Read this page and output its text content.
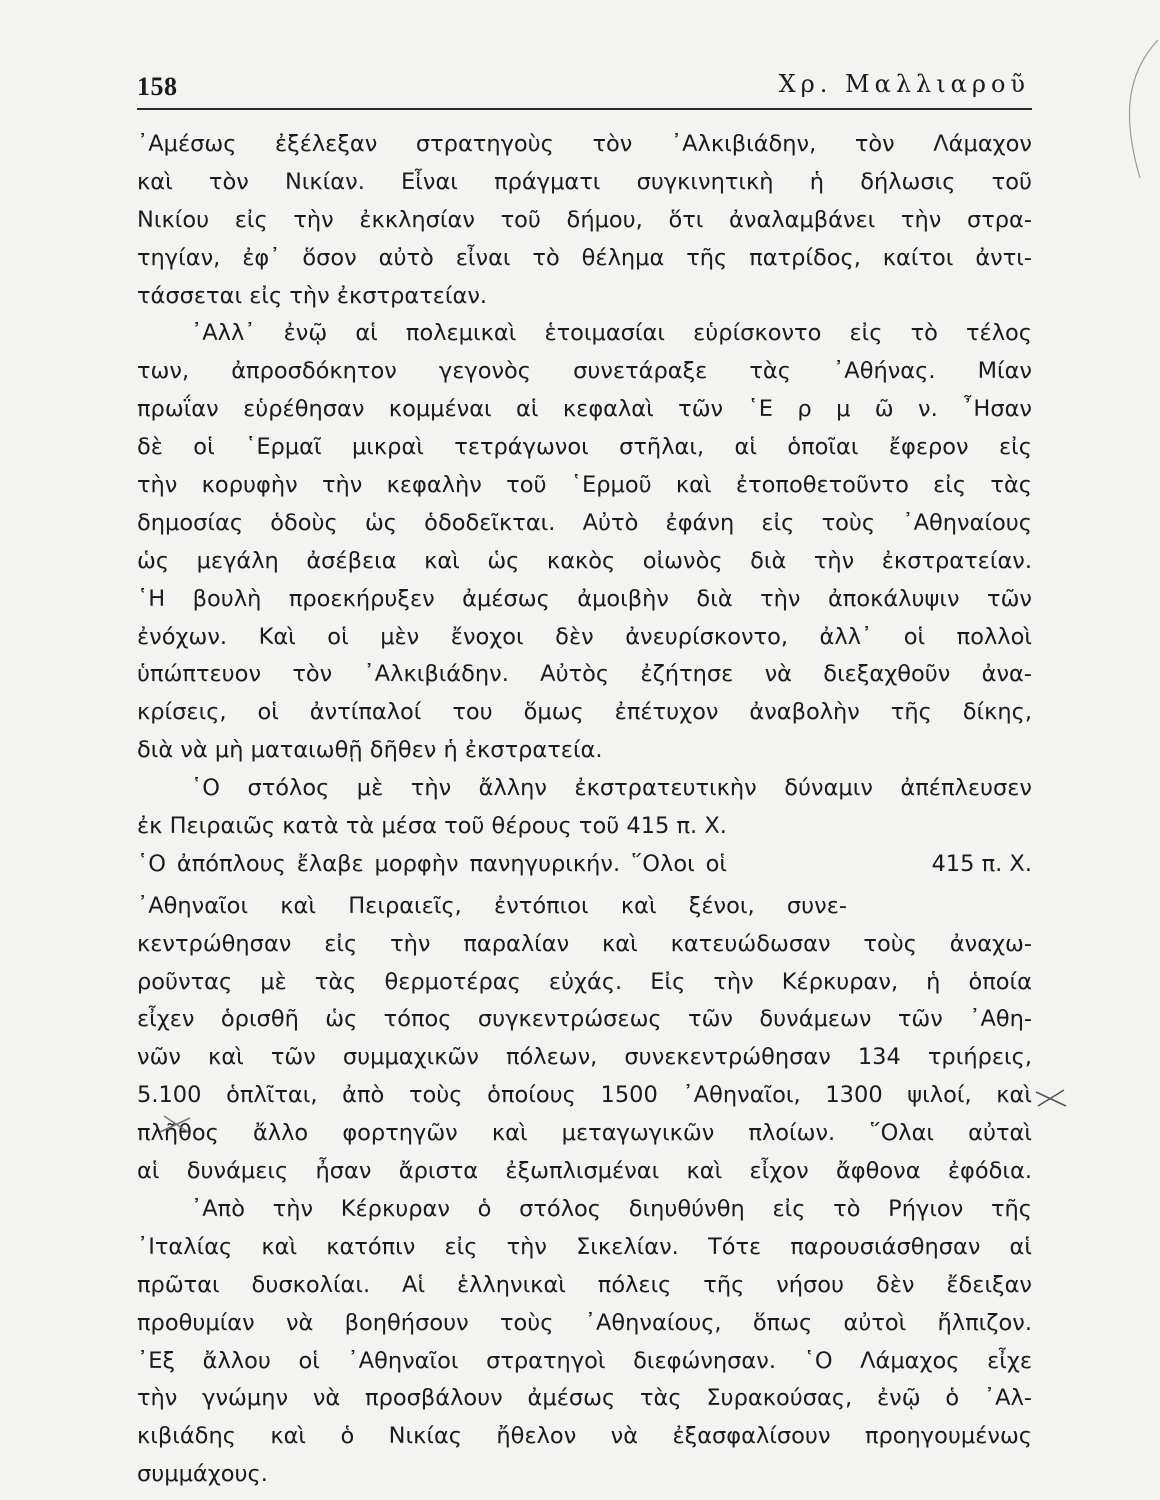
158	Χρ. Μαλλιαροῦ
᾿Αμέσως ἐξέλεξαν στρατηγοὺς τὸν ᾿Αλκιβιάδην, τὸν Λάμαχον
καὶ τὸν Νικίαν. Εἶναι πράγματι συγκινητικὴ ἡ δήλωσις τοῦ
Νικίου εἰς τὴν ἐκκλησίαν τοῦ δήμου, ὅτι ἀναλαμβάνει τὴν στρα-
τηγίαν, ἐφ᾿ ὅσον αὐτὸ εἶναι τὸ θέλημα τῆς πατρίδος, καίτοι ἀντι-
τάσσεται εἰς τὴν ἐκστρατείαν.
᾿Αλλ᾿ ἐνῷ αἱ πολεμικαὶ ἑτοιμασίαι εὑρίσκοντο εἰς τὸ τέλος
των, ἀπροσδόκητον γεγονὸς συνετάραξε τὰς ᾿Αθήνας. Μίαν
πρωΐαν εὑρέθησαν κομμέναι αἱ κεφαλαὶ τῶν ῾Ε ρ μ ῶ ν. ῏Ησαν
δὲ οἱ ῾Ερμαῖ μικραὶ τετράγωνοι στῆλαι, αἱ ὁποῖαι ἔφερον εἰς
τὴν κορυφὴν τὴν κεφαλὴν τοῦ ῾Ερμοῦ καὶ ἐτοποθετοῦντο εἰς τὰς
δημοσίας ὁδοὺς ὡς ὁδοδεῖκται. Αὐτὸ ἐφάνη εἰς τοὺς ᾿Αθηναίους
ὡς μεγάλη ἀσέβεια καὶ ὡς κακὸς οἰωνὸς διὰ τὴν ἐκστρατείαν.
῾Η βουλὴ προεκήρυξεν ἀμέσως ἀμοιβὴν διὰ τὴν ἀποκάλυψιν τῶν
ἐνόχων. Καὶ οἱ μὲν ἔνοχοι δὲν ἀνευρίσκοντο, ἀλλ᾿ οἱ πολλοὶ
ὑπώπτευον τὸν ᾿Αλκιβιάδην. Αὐτὸς ἐζήτησε νὰ διεξαχθοῦν ἀνα-
κρίσεις, οἱ ἀντίπαλοί του ὅμως ἐπέτυχον ἀναβολὴν τῆς δίκης,
διὰ νὰ μὴ ματαιωθῇ δῆθεν ἡ ἐκστρατεία.
῾Ο στόλος μὲ τὴν ἄλλην ἐκστρατευτικὴν δύναμιν ἀπέπλευσεν
ἐκ Πειραιῶς κατὰ τὰ μέσα τοῦ θέρους τοῦ 415 π. Χ.
῾Ο ἀπόπλους ἔλαβε μορφὴν πανηγυρικήν. ῞Ολοι οἱ	415 π. Χ.
᾿Αθηναῖοι καὶ Πειραιεῖς, ἐντόπιοι καὶ ξένοι, συνε-
κεντρώθησαν εἰς τὴν παραλίαν καὶ κατευώδωσαν τοὺς ἀναχω-
ροῦντας μὲ τὰς θερμοτέρας εὐχάς. Εἰς τὴν Κέρκυραν, ἡ ὁποία
εἶχεν ὁρισθῆ ὡς τόπος συγκεντρώσεως τῶν δυνάμεων τῶν ᾿Αθη-
νῶν καὶ τῶν συμμαχικῶν πόλεων, συνεκεντρώθησαν 134 τριήρεις,
5.100 ὁπλῖται, ἀπὸ τοὺς ὁποίους 1500 ᾿Αθηναῖοι, 1300 ψιλοί, καὶ
πλῆθος ἄλλο φορτηγῶν καὶ μεταγωγικῶν πλοίων. ῞Ολαι αὐταὶ
αἱ δυνάμεις ἦσαν ἄριστα ἐξωπλισμέναι καὶ εἶχον ἄφθονα ἐφόδια.
᾿Απὸ τὴν Κέρκυραν ὁ στόλος διηυθύνθη εἰς τὸ Ρήγιον τῆς
᾿Ιταλίας καὶ κατόπιν εἰς τὴν Σικελίαν. Τότε παρουσιάσθησαν αἱ
πρῶται δυσκολίαι. Αἱ ἑλληνικαὶ πόλεις τῆς νήσου δὲν ἔδειξαν
προθυμίαν νὰ βοηθήσουν τοὺς ᾿Αθηναίους, ὅπως αὐτοὶ ἤλπιζον.
᾿Εξ ἄλλου οἱ ᾿Αθηναῖοι στρατηγοὶ διεφώνησαν. ῾Ο Λάμαχος εἶχε
τὴν γνώμην νὰ προσβάλουν ἀμέσως τὰς Συρακούσας, ἐνῷ ὁ ᾿Αλ-
κιβιάδης καὶ ὁ Νικίας ἤθελον νὰ ἐξασφαλίσουν προηγουμένως
συμμάχους.
